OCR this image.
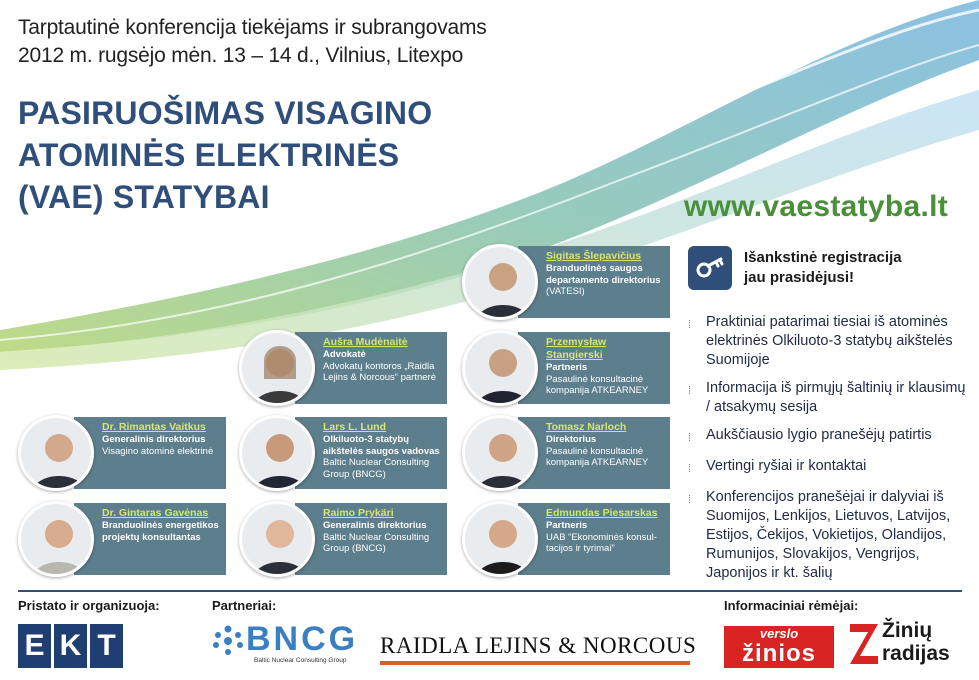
Tarptautinė konferencija tiekėjams ir subrangovams
2012 m. rugsėjo mėn. 13 – 14 d., Vilnius, Litexpo
PASIRUOŠIMAS VISAGINO
ATOMINĖS ELEKTRINĖS
(VAE) STATYBAI	www.vaestatyba.lt
Išankstinė registracija
jau prasidėjusi!
⁞	Praktiniai patarimai tiesiai iš atominės elektrinės Olkiluoto-3 statybų aikštelės Suomijoje
⁞	Informacija iš pirmųjų šaltinių ir klausimų / atsakymų sesija
⁞	Aukščiausio lygio pranešėjų patirtis
⁞	Vertingi ryšiai ir kontaktai
⁞	Konferencijos pranešėjai ir dalyviai iš Suomijos, Lenkijos, Lietuvos, Latvijos, Estijos, Čekijos, Vokietijos, Olandijos, Rumunijos, Slovakijos, Vengrijos, Japonijos ir kt. šalių
Sigitas Šlepavičius
Branduolinės saugos departamento direktorius
(VATESI)
Aušra Mudėnaitė
Advokatė
Advokatų kontoros „Raidla Lejins & Norcous“ partnerė
Przemysław Stangierski
Partneris
Pasaulinė konsultacinė kompanija ATKEARNEY
Dr. Rimantas Vaitkus
Generalinis direktorius
Visagino atominė elektrinė
Lars L. Lund
Olkiluoto-3 statybų aikštelės saugos vadovas
Baltic Nuclear Consulting Group (BNCG)
Tomasz Narloch
Direktorius
Pasaulinė konsultacinė kompanija ATKEARNEY
Dr. Gintaras Gavėnas
Branduolinės energetikos projektų konsultantas
Raimo Prykäri
Generalinis direktorius
Baltic Nuclear Consulting Group (BNCG)
Edmundas Piesarskas
Partneris
UAB “Ekonominės konsul-tacijos ir tyrimai”
Pristato ir organizuoja:	Partneriai:	Informaciniai rėmėjai:
E K T	BNCG
Baltic Nuclear Consulting Group
RAIDLA LEJINS & NORCOUS	verslo
žinios
Žinių
radijas
